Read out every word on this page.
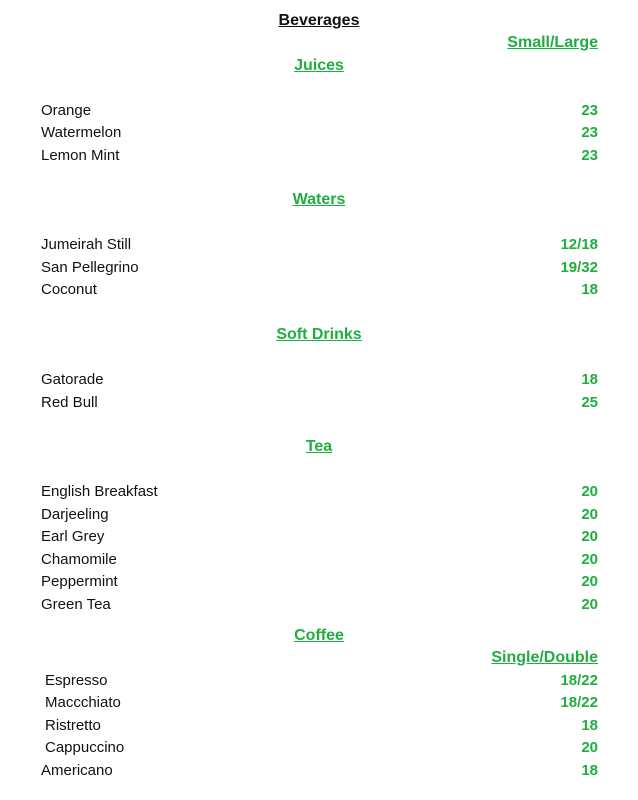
Beverages
Small/Large
Juices
Orange	23
Watermelon	23
Lemon Mint	23
Waters
Jumeirah Still	12/18
San Pellegrino	19/32
Coconut	18
Soft Drinks
Gatorade	18
Red Bull	25
Tea
English Breakfast	20
Darjeeling	20
Earl Grey	20
Chamomile	20
Peppermint	20
Green Tea	20
Coffee
Single/Double
Espresso	18/22
Maccchiato	18/22
Ristretto	18
Cappuccino	20
Americano	18
